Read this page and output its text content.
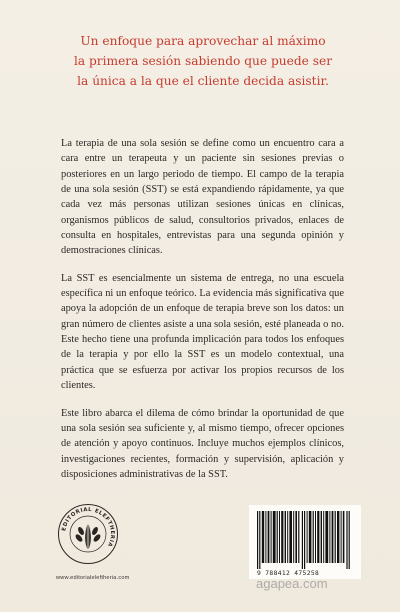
Un enfoque para aprovechar al máximo
la primera sesión sabiendo que puede ser
la única a la que el cliente decida asistir.

La terapia de una sola sesión se define como un encuentro cara a cara entre un terapeuta y un paciente sin sesiones previas o posteriores en un largo periodo de tiempo. El campo de la terapia de una sola sesión (SST) se está expandiendo rápidamente, ya que cada vez más personas utilizan sesiones únicas en clínicas, organismos públicos de salud, consultorios privados, enlaces de consulta en hospitales, entrevistas para una segunda opinión y demostraciones clínicas.

La SST es esencialmente un sistema de entrega, no una escuela específica ni un enfoque teórico. La evidencia más significativa que apoya la adopción de un enfoque de terapia breve son los datos: un gran número de clientes asiste a una sola sesión, esté planeada o no. Este hecho tiene una profunda implicación para todos los enfoques de la terapia y por ello la SST es un modelo contextual, una práctica que se esfuerza por activar los propios recursos de los clientes.

Este libro abarca el dilema de cómo brindar la oportunidad de que una sola sesión sea suficiente y, al mismo tiempo, ofrecer opciones de atención y apoyo continuos. Incluye muchos ejemplos clínicos, investigaciones recientes, formación y supervisión, aplicación y disposiciones administrativas de la SST.

EDITORIAL ELEFTHERIA
www.editorialeleftheria.com
9 788412 475258
agapea.com
